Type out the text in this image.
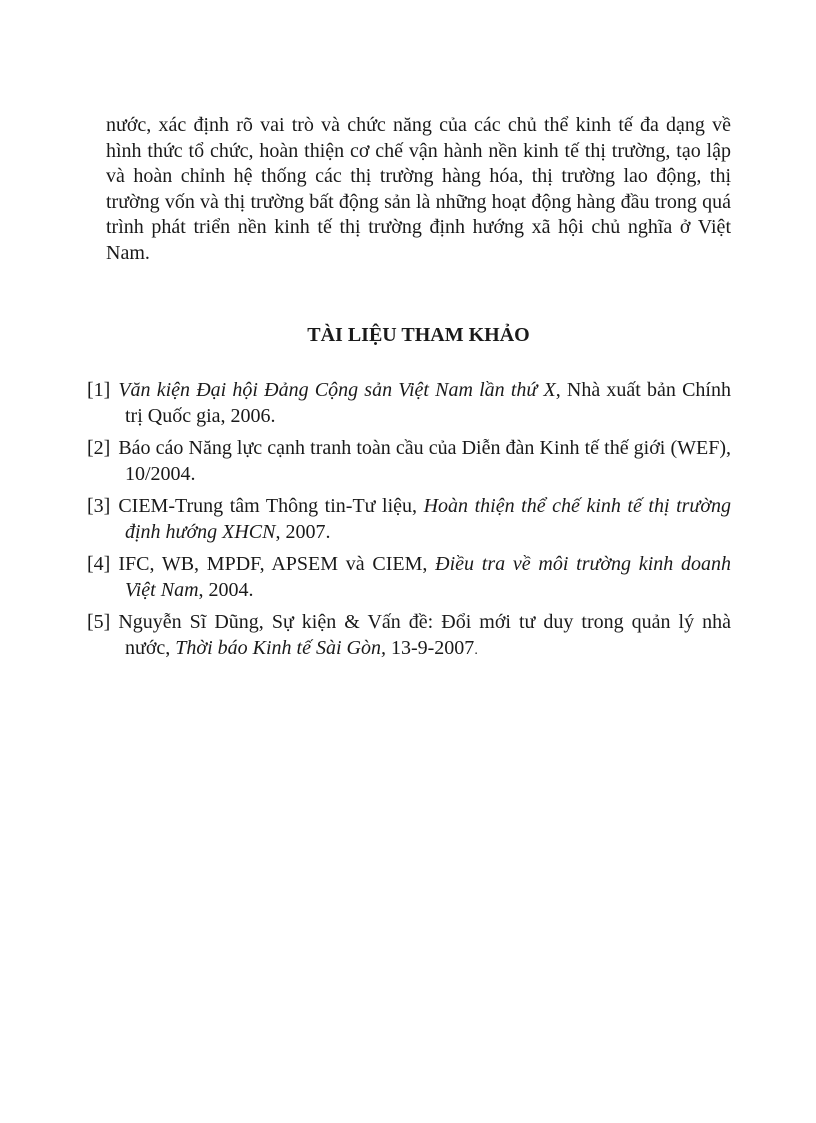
nước, xác định rõ vai trò và chức năng của các chủ thể kinh tế đa dạng về hình thức tổ chức, hoàn thiện cơ chế vận hành nền kinh tế thị trường, tạo lập và hoàn chỉnh hệ thống các thị trường hàng hóa, thị trường lao động, thị trường vốn và thị trường bất động sản là những hoạt động hàng đầu trong quá trình phát triển nền kinh tế thị trường định hướng xã hội chủ nghĩa ở Việt Nam.

TÀI LIỆU THAM KHẢO
[1] Văn kiện Đại hội Đảng Cộng sản Việt Nam lần thứ X, Nhà xuất bản Chính trị Quốc gia, 2006.
[2] Báo cáo Năng lực cạnh tranh toàn cầu của Diễn đàn Kinh tế thế giới (WEF), 10/2004.
[3] CIEM-Trung tâm Thông tin-Tư liệu, Hoàn thiện thể chế kinh tế thị trường định hướng XHCN, 2007.
[4] IFC, WB, MPDF, APSEM và CIEM, Điều tra về môi trường kinh doanh Việt Nam, 2004.
[5] Nguyễn Sĩ Dũng, Sự kiện & Vấn đề: Đổi mới tư duy trong quản lý nhà nước, Thời báo Kinh tế Sài Gòn, 13-9-2007.
